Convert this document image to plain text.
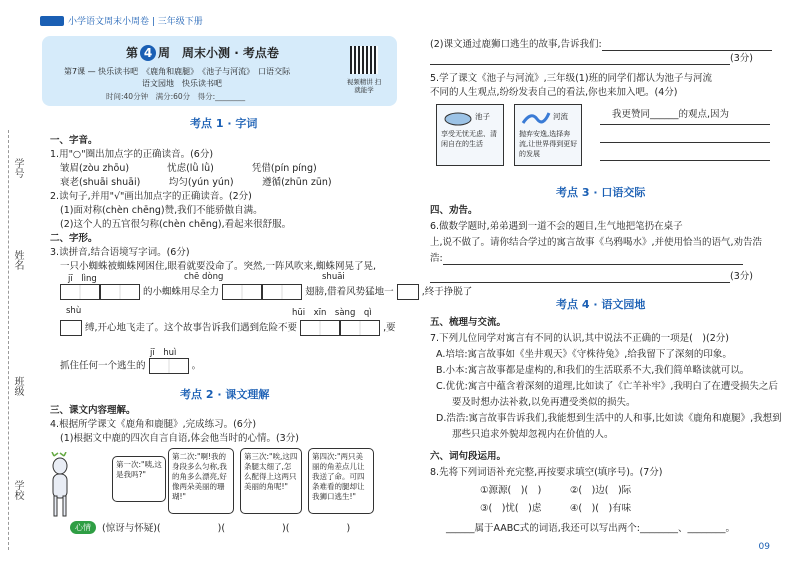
学号
姓名
班级
学校
小学语文周末小周卷 | 三年级下册
第 4 周　周末小测 · 考点卷
第7课 — 快乐读书吧　《鹿角和鹿腿》　《池子与河流》　口语交际
语文园地　快乐读书吧
时间:40分钟　满分:60分　得分:________
视频精讲 扫就能学
考点 1 · 字词
一、字音。
1.用"○"圈出加点字的正确读音。(6分)
皱眉(zòu zhōu)　　　　忧虑(lǜ lǜ)　　　　凭借(pín píng)
衰老(shuāi shuāi)　　　均匀(yún yún)　　　遵循(zhūn zūn)
2.读句子,并用"√"画出加点字的正确读音。(2分)
(1)面对称(chèn chēng)赞,我们不能骄傲自满。
(2)这个人的五官很匀称(chèn chēng),看起来很舒服。
二、字形。
3.读拼音,结合语境写字词。(6分)
一只小蜘蛛被蜘蛛网困住,眼看就要没命了。突然,一阵风吹来,蜘蛛网晃了晃,
jī　lìng	chē dòng	shuāi
的小蜘蛛用尽全力	翅膀,借着风势猛地一	,终于挣脱了
shù	hūi　xīn　sàng　qì
缚,开心地飞走了。这个故事告诉我们遇到危险不要	,要
jī　huì
抓住任何一个逃生的	。
考点 2 · 课文理解
三、课文内容理解。
4.根据所学课文《鹿角和鹿腿》,完成练习。(6分)
(1)根据文中鹿的四次自言自语,体会他当时的心情。(3分)
第一次:"咦,这是我吗?"
第二次:"啊!我的身段多么匀称,我的角多么漂亮,好像两朵美丽的珊瑚!"
第三次:"唉,这四条腿太细了,怎么配得上这两只美丽的角呢!"
第四次:"两只美丽的角差点儿让我送了命。可四条难看的腿却让我狮口逃生!"
心情	(惊讶与怀疑)(　　　　　　)(　　　　　　)(　　　　　　)
(2)课文通过鹿狮口逃生的故事,告诉我们:
(3分)
5.学了课文《池子与河流》,三年级(1)班的同学们都认为池子与河流
不同的人生观点,纷纷发表自己的看法,你也来加入吧。(4分)
池子
享受无忧无虑、清闲自在的生活
河流
抛弃安逸,选择奔流,让世界得到更好的发展
我更赞同______的观点,因为
考点 3 · 口语交际
四、劝告。
6.做数学题时,弟弟遇到一道不会的题目,生气地把笔扔在桌子
上,说不做了。请你结合学过的寓言故事《乌鸦喝水》,并使用恰当的语气,劝告浩
浩:
(3分)
考点 4 · 语文园地
五、梳理与交流。
7.下列儿位同学对寓言有不同的认识,其中说法不正确的一项是(　)(2分)
A.培培:寓言故事如《坐井观天》《守株待兔》,给我留下了深刻的印象。
B.小本:寓言故事都是虚构的,和我们的生活联系不大,我们简单略读就可以。
C.优优:寓言中蕴含着深刻的道理,比如读了《亡羊补牢》,我明白了在遭受损失之后
要及时想办法补救,以免再遭受类似的损失。
D.浩浩:寓言故事告诉我们,我能想到生活中的人和事,比如读《鹿角和鹿腿》,我想到
那些只追求外貌却忽视内在价值的人。
六、词句段运用。
8.先将下列词语补充完整,再按要求填空(填序号)。(7分)
①源源(　)(　)　　　②(　)边(　)际
③(　)忧(　)虑　　　④(　)(　)有味
______属于AABC式的词语,我还可以写出两个:________、________。
09
